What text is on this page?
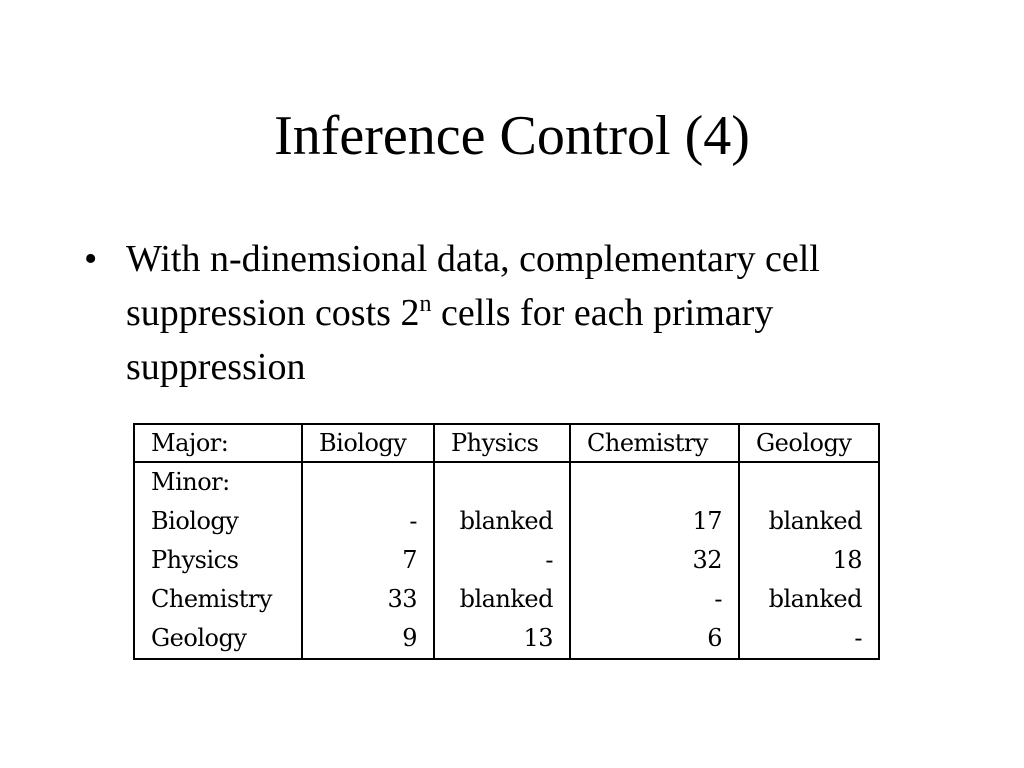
Inference Control (4)
• With n-dinemsional data, complementary cell suppression costs 2$^n$ cells for each primary suppression
Major:	Biology	Physics	Chemistry	Geology
Minor:				
Biology	-	blanked	17	blanked
Physics	7	-	32	18
Chemistry	33	blanked	-	blanked
Geology	9	13	6	-
